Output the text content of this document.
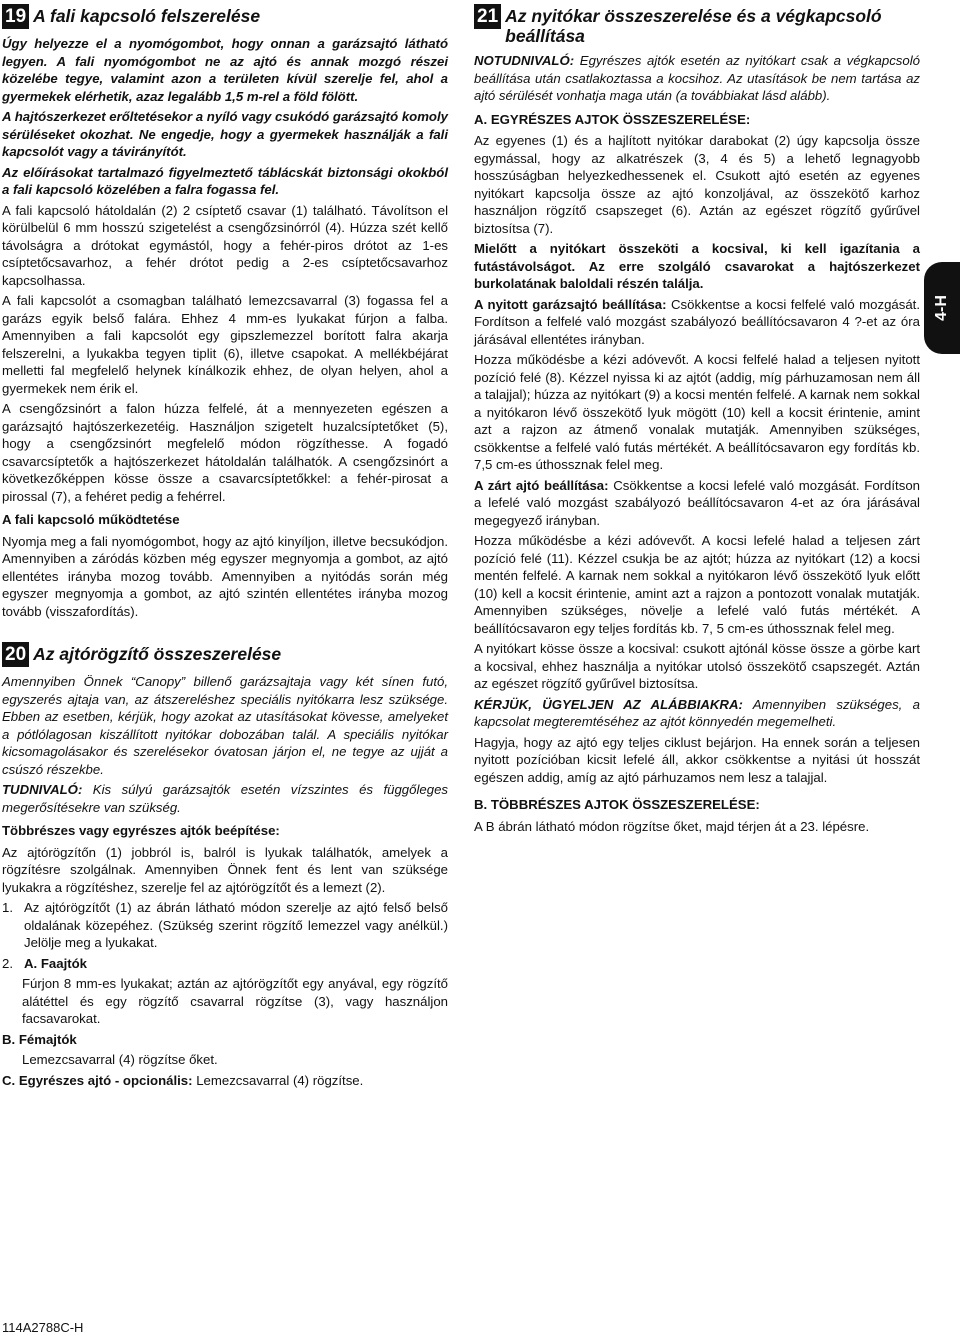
19 A fali kapcsoló felszerelése

Úgy helyezze el a nyomógombot, hogy onnan a garázsajtó látható legyen. A fali nyomógombot ne az ajtó és annak mozgó részei közelébe tegye, valamint azon a területen kívül szerelje fel, ahol a gyermekek elérhetik, azaz legalább 1,5 m-rel a föld fölött.

A hajtószerkezet erőltetésekor a nyíló vagy csukódó garázsajtó komoly sérüléseket okozhat. Ne engedje, hogy a gyermekek használják a fali kapcsolót vagy a távirányítót.

Az előírásokat tartalmazó figyelmeztető táblácskát biztonsági okokból a fali kapcsoló közelében a falra fogassa fel.

A fali kapcsoló hátoldalán (2) 2 csíptető csavar (1) található. Távolítson el körülbelül 6 mm hosszú szigetelést a csengőzsinórról (4). Húzza szét kellő távolságra a drótokat egymástól, hogy a fehér-piros drótot az 1-es csíptetőcsavarhoz, a fehér drótot pedig a 2-es csíptetőcsavarhoz kapcsolhassa.

A fali kapcsolót a csomagban található lemezcsavarral (3) fogassa fel a garázs egyik belső falára. Ehhez 4 mm-es lyukakat fúrjon a falba. Amennyiben a fali kapcsolót egy gipszlemezzel borított falra akarja felszerelni, a lyukakba tegyen tiplit (6), illetve csapokat. A mellékbéjárat melletti fal megfelelő helynek kínálkozik ehhez, de olyan helyen, ahol a gyermekek nem érik el.

A csengőzsinórt a falon húzza felfelé, át a mennyezeten egészen a garázsajtó hajtószerkezetéig. Használjon szigetelt huzalcsíptetőket (5), hogy a csengőzsinórt megfelelő módon rögzíthesse. A fogadó csavarcsíptetők a hajtószerkezet hátoldalán találhatók. A csengőzsinórt a következőképpen kösse össze a csavarcsíptetőkkel: a fehér-pirosat a pirossal (7), a fehéret pedig a fehérrel.

A fali kapcsoló működtetése

Nyomja meg a fali nyomógombot, hogy az ajtó kinyíljon, illetve becsukódjon. Amennyiben a záródás közben még egyszer megnyomja a gombot, az ajtó ellentétes irányba mozog tovább. Amennyiben a nyitódás során még egyszer megnyomja a gombot, az ajtó szintén ellentétes irányba mozog tovább (visszafordítás).

20 Az ajtórögzítő összeszerelése

Amennyiben Önnek “Canopy” billenő garázsajtaja vagy két sínen futó, egyszerés ajtaja van, az átszereléshez speciális nyitókarra lesz szüksége. Ebben az esetben, kérjük, hogy azokat az utasításokat kövesse, amelyeket a pótlólagosan kiszállított nyitókar dobozában talál. A speciális nyitókar kicsomagolásakor és szerelésekor óvatosan járjon el, ne tegye az ujját a csúszó részekbe.

TUDNIVALÓ: Kis súlyú garázsajtók esetén vízszintes és függőleges megerősítésekre van szükség.

Többrészes vagy egyrészes ajtók beépítése:

Az ajtórögzítőn (1) jobbról is, balról is lyukak találhatók, amelyek a rögzítésre szolgálnak. Amennyiben Önnek fent és lent van szüksége lyukakra a rögzítéshez, szerelje fel az ajtórögzítőt és a lemezt (2).

1. Az ajtórögzítőt (1) az ábrán látható módon szerelje az ajtó felső belső oldalának közepéhez. (Szükség szerint rögzítő lemezzel vagy anélkül.) Jelölje meg a lyukakat.
2. A. Faajtók

Fúrjon 8 mm-es lyukakat; aztán az ajtórögzítőt egy anyával, egy rögzítő alátéttel és egy rögzítő csavarral rögzítse (3), vagy használjon facsavarokat.

B. Fémajtók

Lemezcsavarral (4) rögzítse őket.

C. Egyrészes ajtó - opcionális: Lemezcsavarral (4) rögzítse.

21 Az nyitókar összeszerelése és a végkapcsoló beállítása

NOTUDNIVALÓ: Egyrészes ajtók esetén az nyitókart csak a végkapcsoló beállítása után csatlakoztassa a kocsihoz. Az utasítások be nem tartása az ajtó sérülését vonhatja maga után (a továbbiakat lásd alább).

A. EGYRÉSZES AJTOK ÖSSZESZERELÉSE:

Az egyenes (1) és a hajlított nyitókar darabokat (2) úgy kapcsolja össze egymással, hogy az alkatrészek (3, 4 és 5) a lehető legnagyobb hosszúságban helyezkedhessenek el. Csukott ajtó esetén az egyenes nyitókart kapcsolja össze az ajtó konzoljával, az összekötő karhoz használjon rögzítő csapszeget (6). Aztán az egészet rögzítő gyűrűvel biztosítsa (7).

Mielőtt a nyitókart összeköti a kocsival, ki kell igazítania a futástávolságot. Az erre szolgáló csavarokat a hajtószerkezet burkolatának baloldali részén találja.

A nyitott garázsajtó beállítása: Csökkentse a kocsi felfelé való mozgását. Fordítson a felfelé való mozgást szabályozó beállítócsavaron 4 ?-et az óra járásával ellentétes irányban.

Hozza működésbe a kézi adóvevőt. A kocsi felfelé halad a teljesen nyitott pozíció felé (8). Kézzel nyissa ki az ajtót (addig, míg párhuzamosan nem áll a talajjal); húzza az nyitókart (9) a kocsi mentén felfelé. A karnak nem sokkal a nyitókaron lévő összekötő lyuk mögött (10) kell a kocsit érintenie, amint azt a rajzon az átmenő vonalak mutatják. Amennyiben szükséges, csökkentse a felfelé való futás mértékét. A beállítócsavaron egy fordítás kb. 7,5 cm-es úthossznak felel meg.

A zárt ajtó beállítása: Csökkentse a kocsi lefelé való mozgását. Fordítson a lefelé való mozgást szabályozó beállítócsavaron 4-et az óra járásával megegyező irányban.

Hozza működésbe a kézi adóvevőt. A kocsi lefelé halad a teljesen zárt pozíció felé (11). Kézzel csukja be az ajtót; húzza az nyitókart (12) a kocsi mentén felfelé. A karnak nem sokkal a nyitókaron lévő összekötő lyuk előtt (10) kell a kocsit érintenie, amint azt a rajzon a pontozott vonalak mutatják. Amennyiben szükséges, növelje a lefelé való futás mértékét. A beállítócsavaron egy teljes fordítás kb. 7, 5 cm-es úthossznak felel meg.

A nyitókart kösse össze a kocsival: csukott ajtónál kösse össze a görbe kart a kocsival, ehhez használja a nyitókar utolsó összekötő csapszegét. Aztán az egészet rögzítő gyűrűvel biztosítsa.

KÉRJÜK, ÜGYELJEN AZ ALÁBBIAKRA: Amennyiben szükséges, a kapcsolat megteremtéséhez az ajtót könnyedén megemelheti.

Hagyja, hogy az ajtó egy teljes ciklust bejárjon. Ha ennek során a teljesen nyitott pozícióban kicsit lefelé áll, akkor csökkentse a nyitási út hosszát egészen addig, amíg az ajtó párhuzamos nem lesz a talajjal.

B. TÖBBRÉSZES AJTOK ÖSSZESZERELÉSE:

A B ábrán látható módon rögzítse őket, majd térjen át a 23. lépésre.

4-H
114A2788C-H
